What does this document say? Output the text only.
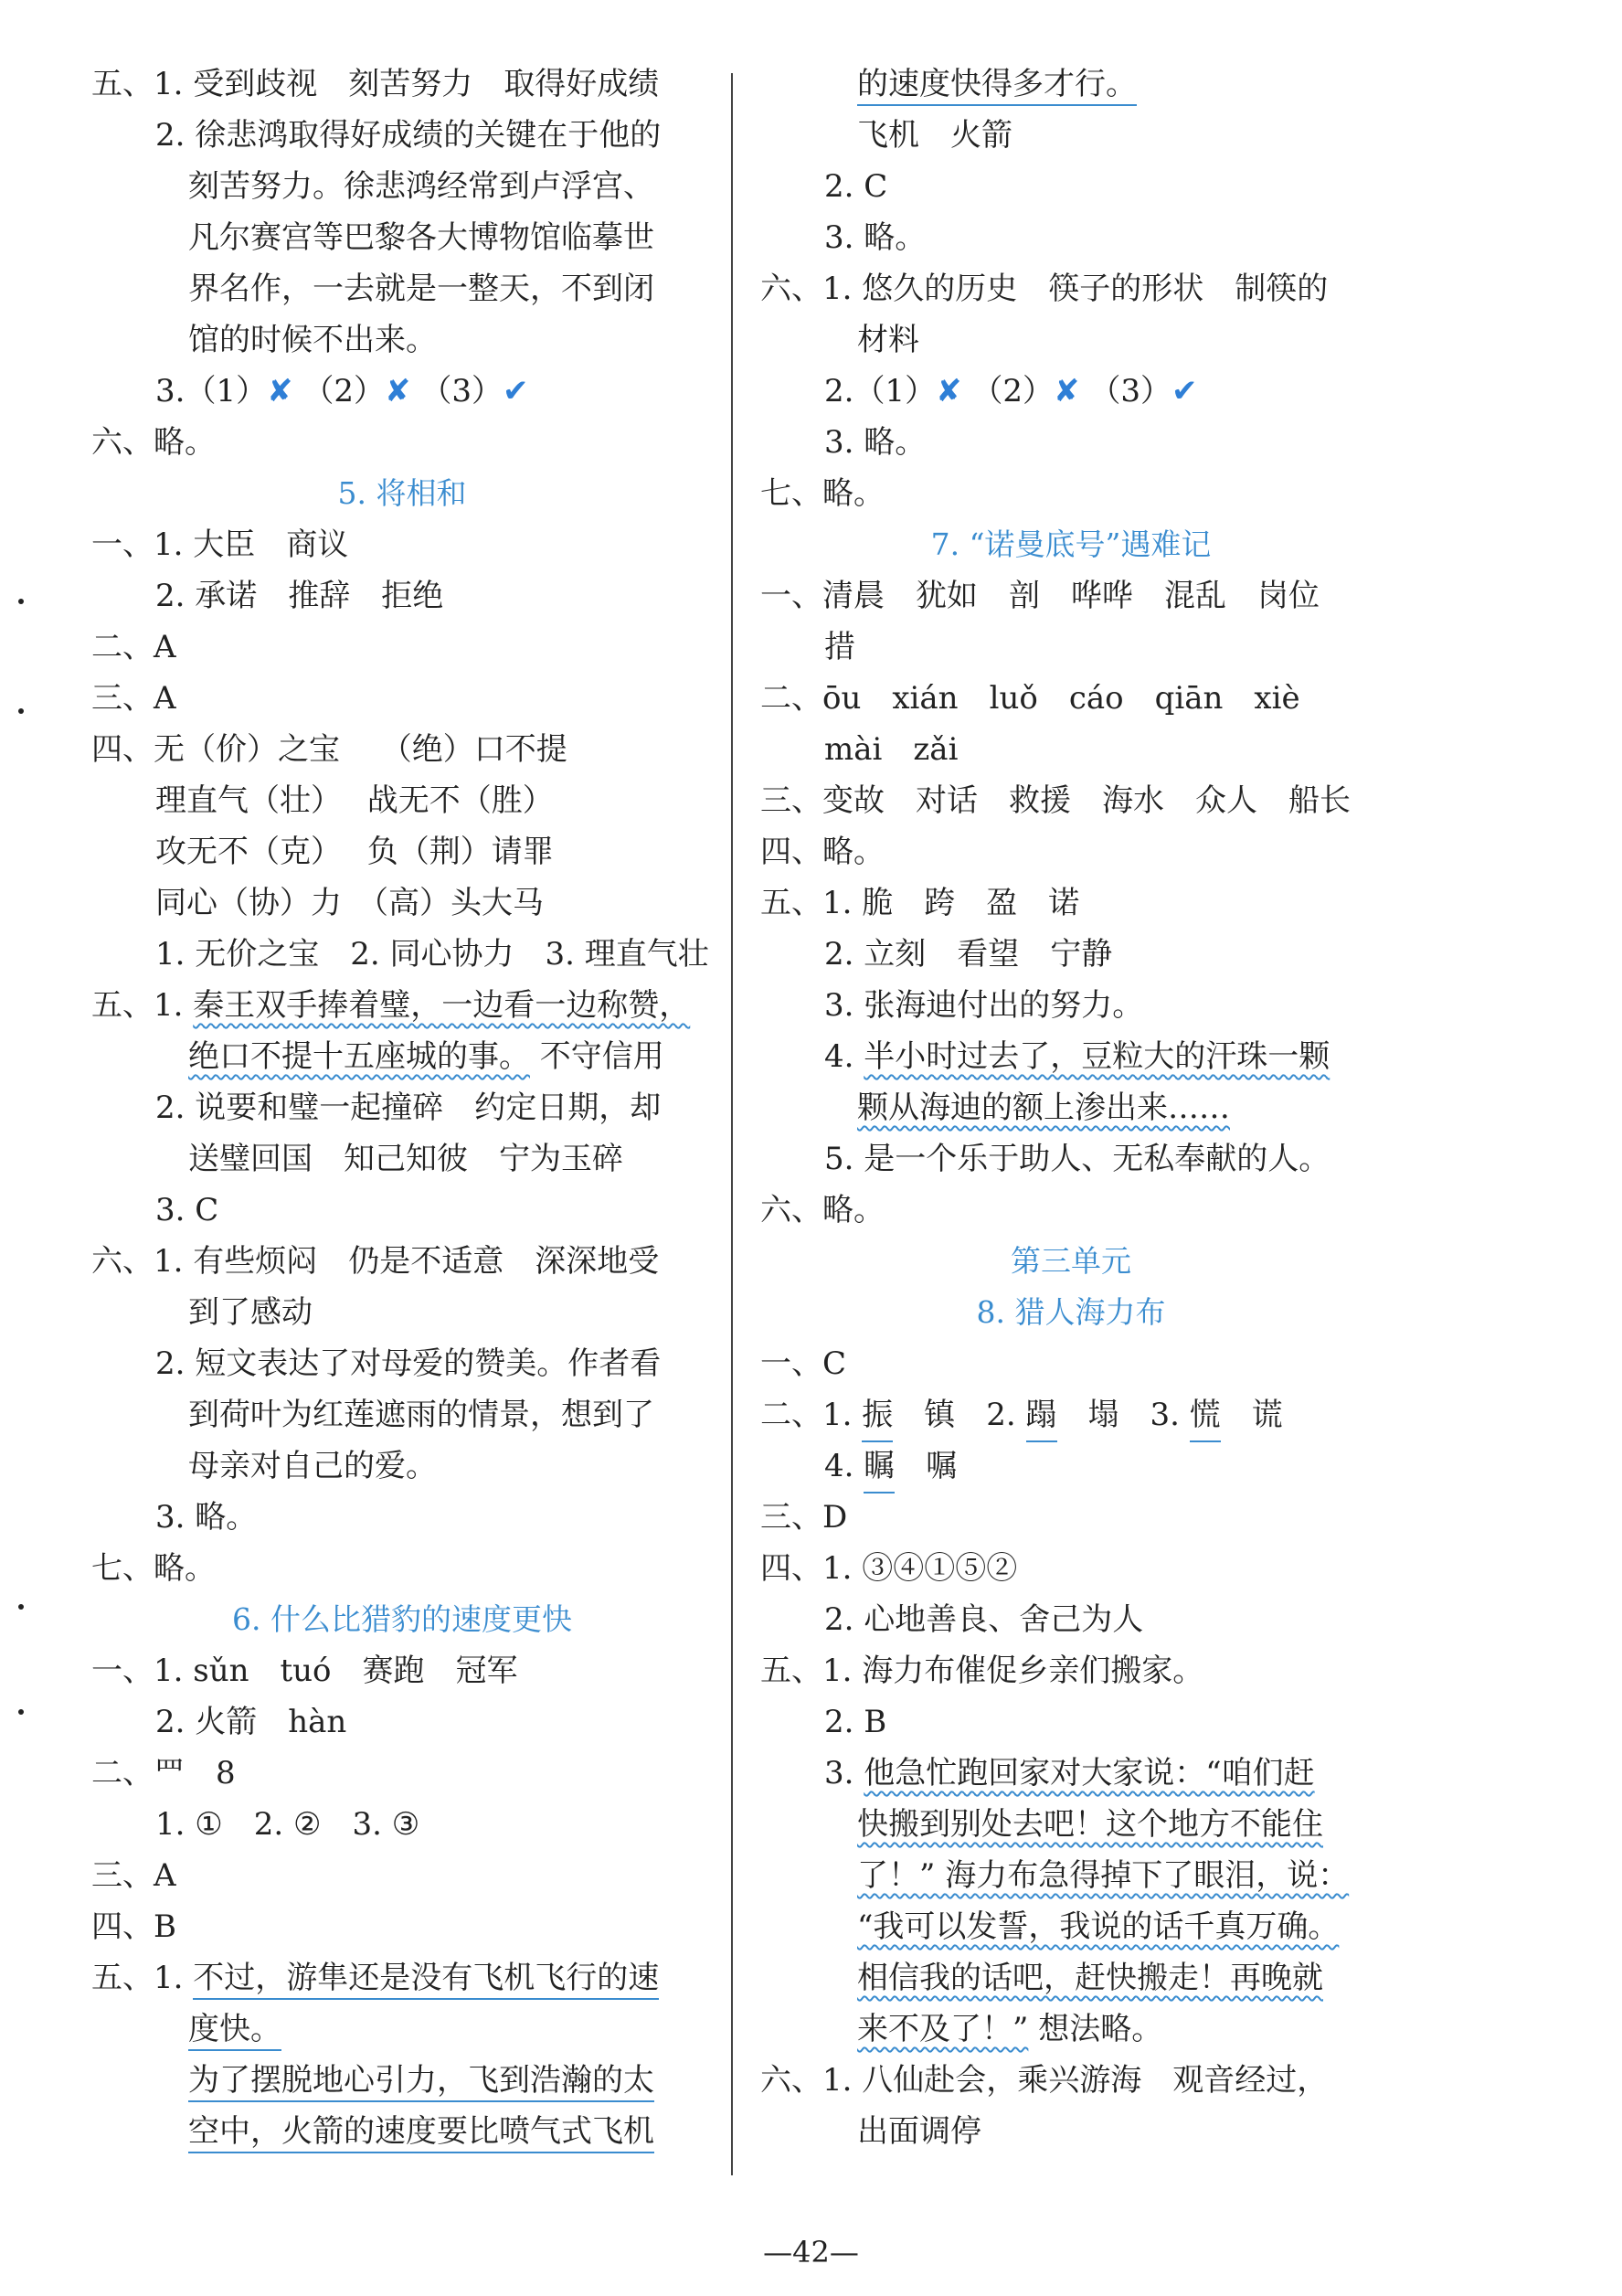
五、1. 受到歧视　刻苦努力　取得好成绩
2. 徐悲鸿取得好成绩的关键在于他的
刻苦努力。徐悲鸿经常到卢浮宫、
凡尔赛宫等巴黎各大博物馆临摹世
界名作，一去就是一整天，不到闭
馆的时候不出来。
3.（1）✘ （2）✘ （3）✔
六、略。
5. 将相和
一、1. 大臣　商议
2. 承诺　推辞　拒绝
二、A
三、A
四、无（价）之宝　 （绝）口不提
理直气（壮）　 战无不（胜）
攻无不（克）　 负（荆）请罪
同心（协）力　（高）头大马
1. 无价之宝　2. 同心协力　3. 理直气壮
五、1. 秦王双手捧着璧，一边看一边称赞，
绝口不提十五座城的事。 不守信用
2. 说要和璧一起撞碎　约定日期，却
送璧回国　知己知彼　宁为玉碎
3. C
六、1. 有些烦闷　仍是不适意　深深地受
到了感动
2. 短文表达了对母爱的赞美。作者看
到荷叶为红莲遮雨的情景，想到了
母亲对自己的爱。
3. 略。
七、略。
6. 什么比猎豹的速度更快
一、1. sǔn　tuó　赛跑　冠军
2. 火箭　hàn
二、罒　8
1. ①　2. ②　3. ③
三、A
四、B
五、1. 不过，游隼还是没有飞机飞行的速
度快。
为了摆脱地心引力，飞到浩瀚的太
空中，火箭的速度要比喷气式飞机
的速度快得多才行。
飞机　火箭
2. C
3. 略。
六、1. 悠久的历史　筷子的形状　制筷的
材料
2.（1）✘ （2）✘ （3）✔
3. 略。
七、略。
7. “诺曼底号”遇难记
一、清晨　犹如　剖　哗哗　混乱　岗位
措
二、ōu　xián　luǒ　cáo　qiān　xiè
mài　zǎi
三、变故　对话　救援　海水　众人　船长
四、略。
五、1. 脆　跨　盈　诺
2. 立刻　看望　宁静
3. 张海迪付出的努力。
4. 半小时过去了，豆粒大的汗珠一颗
颗从海迪的额上渗出来……
5. 是一个乐于助人、无私奉献的人。
六、略。
第三单元
8. 猎人海力布
一、C
二、1. 振　镇　2. 蹋　塌　3. 慌　谎
4. 瞩　嘱
三、D
四、1. ③④①⑤②
2. 心地善良、舍己为人
五、1. 海力布催促乡亲们搬家。
2. B
3. 他急忙跑回家对大家说：“咱们赶
快搬到别处去吧！这个地方不能住
了！” 海力布急得掉下了眼泪，说：
“我可以发誓，我说的话千真万确。
相信我的话吧，赶快搬走！再晚就
来不及了！” 想法略。
六、1. 八仙赴会，乘兴游海　观音经过，
出面调停
—42—
